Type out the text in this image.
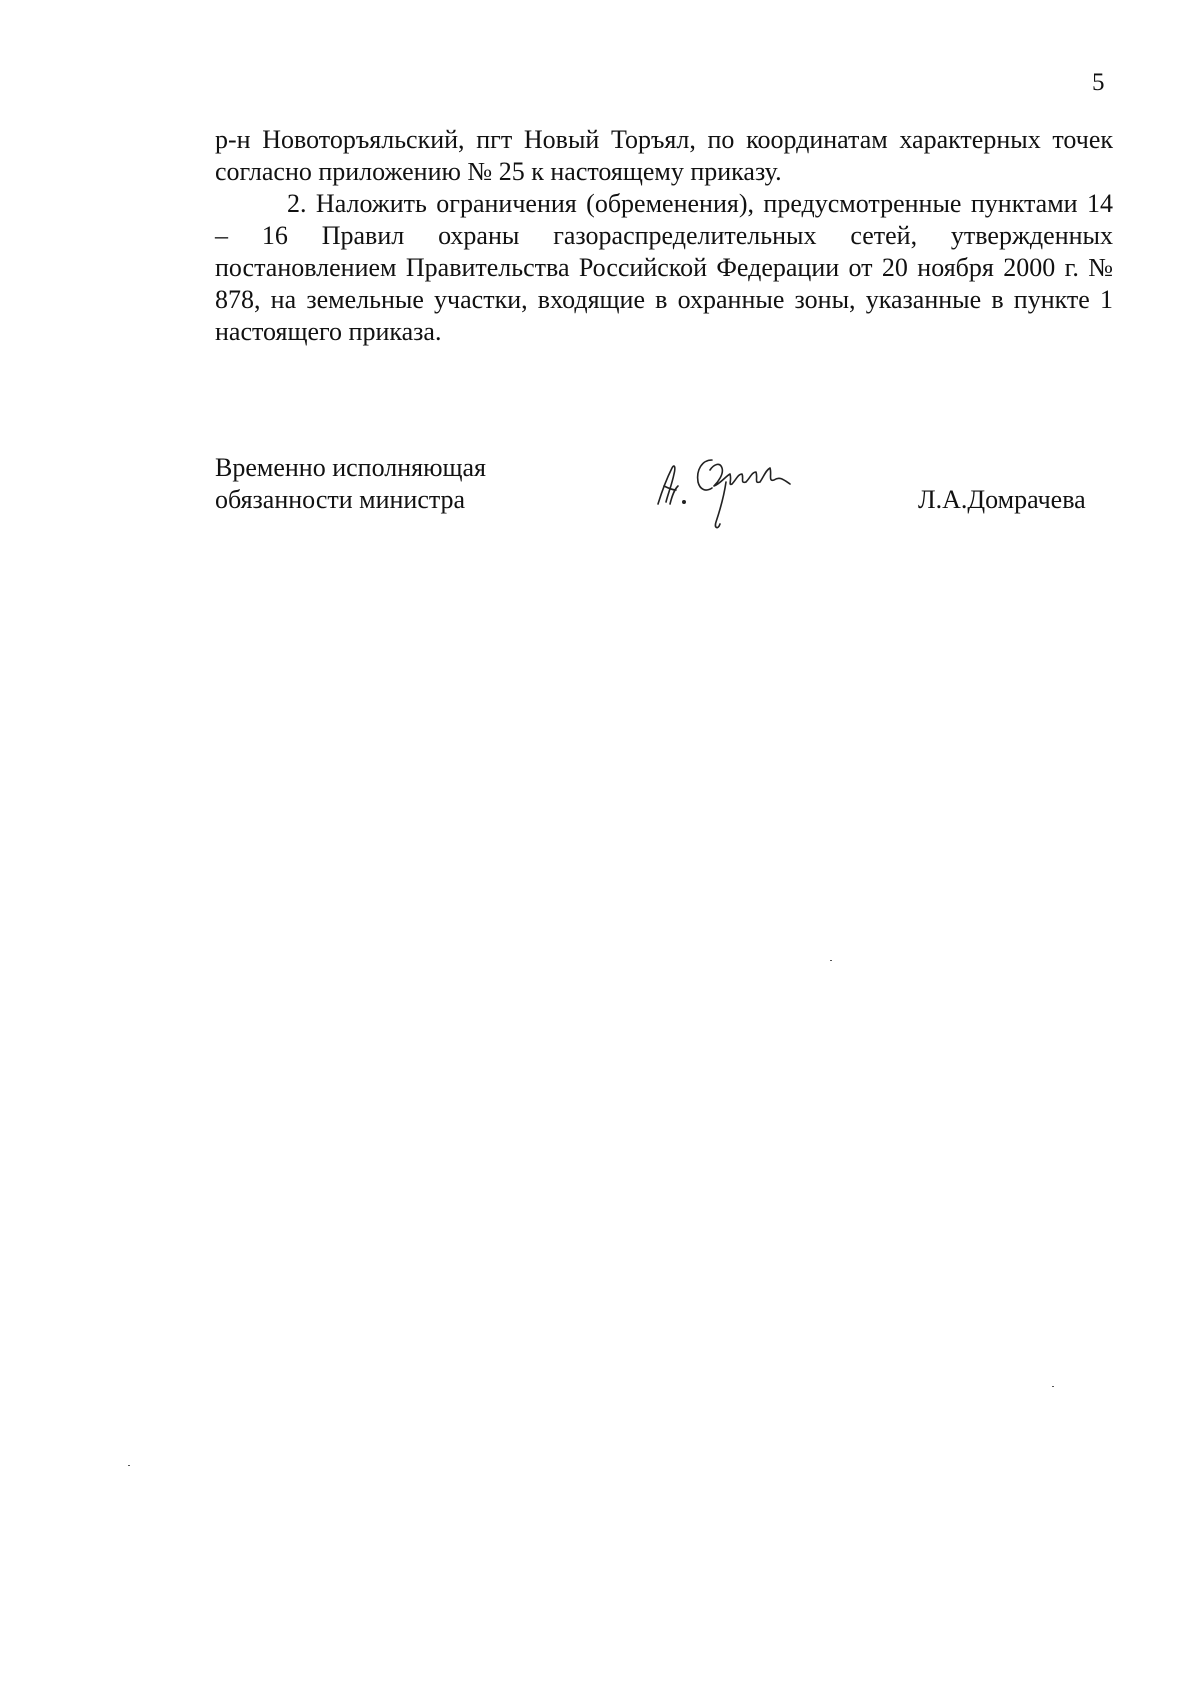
5

р-н Новоторъяльский, пгт Новый Торъял, по координатам характерных точек согласно приложению № 25 к настоящему приказу.

2. Наложить ограничения (обременения), предусмотренные пунктами 14 – 16 Правил охраны газораспределительных сетей, утвержденных постановлением Правительства Российской Федерации от 20 ноября 2000 г. № 878, на земельные участки, входящие в охранные зоны, указанные в пункте 1 настоящего приказа.

Временно исполняющая
обязанности министра	Л.А.Домрачева
